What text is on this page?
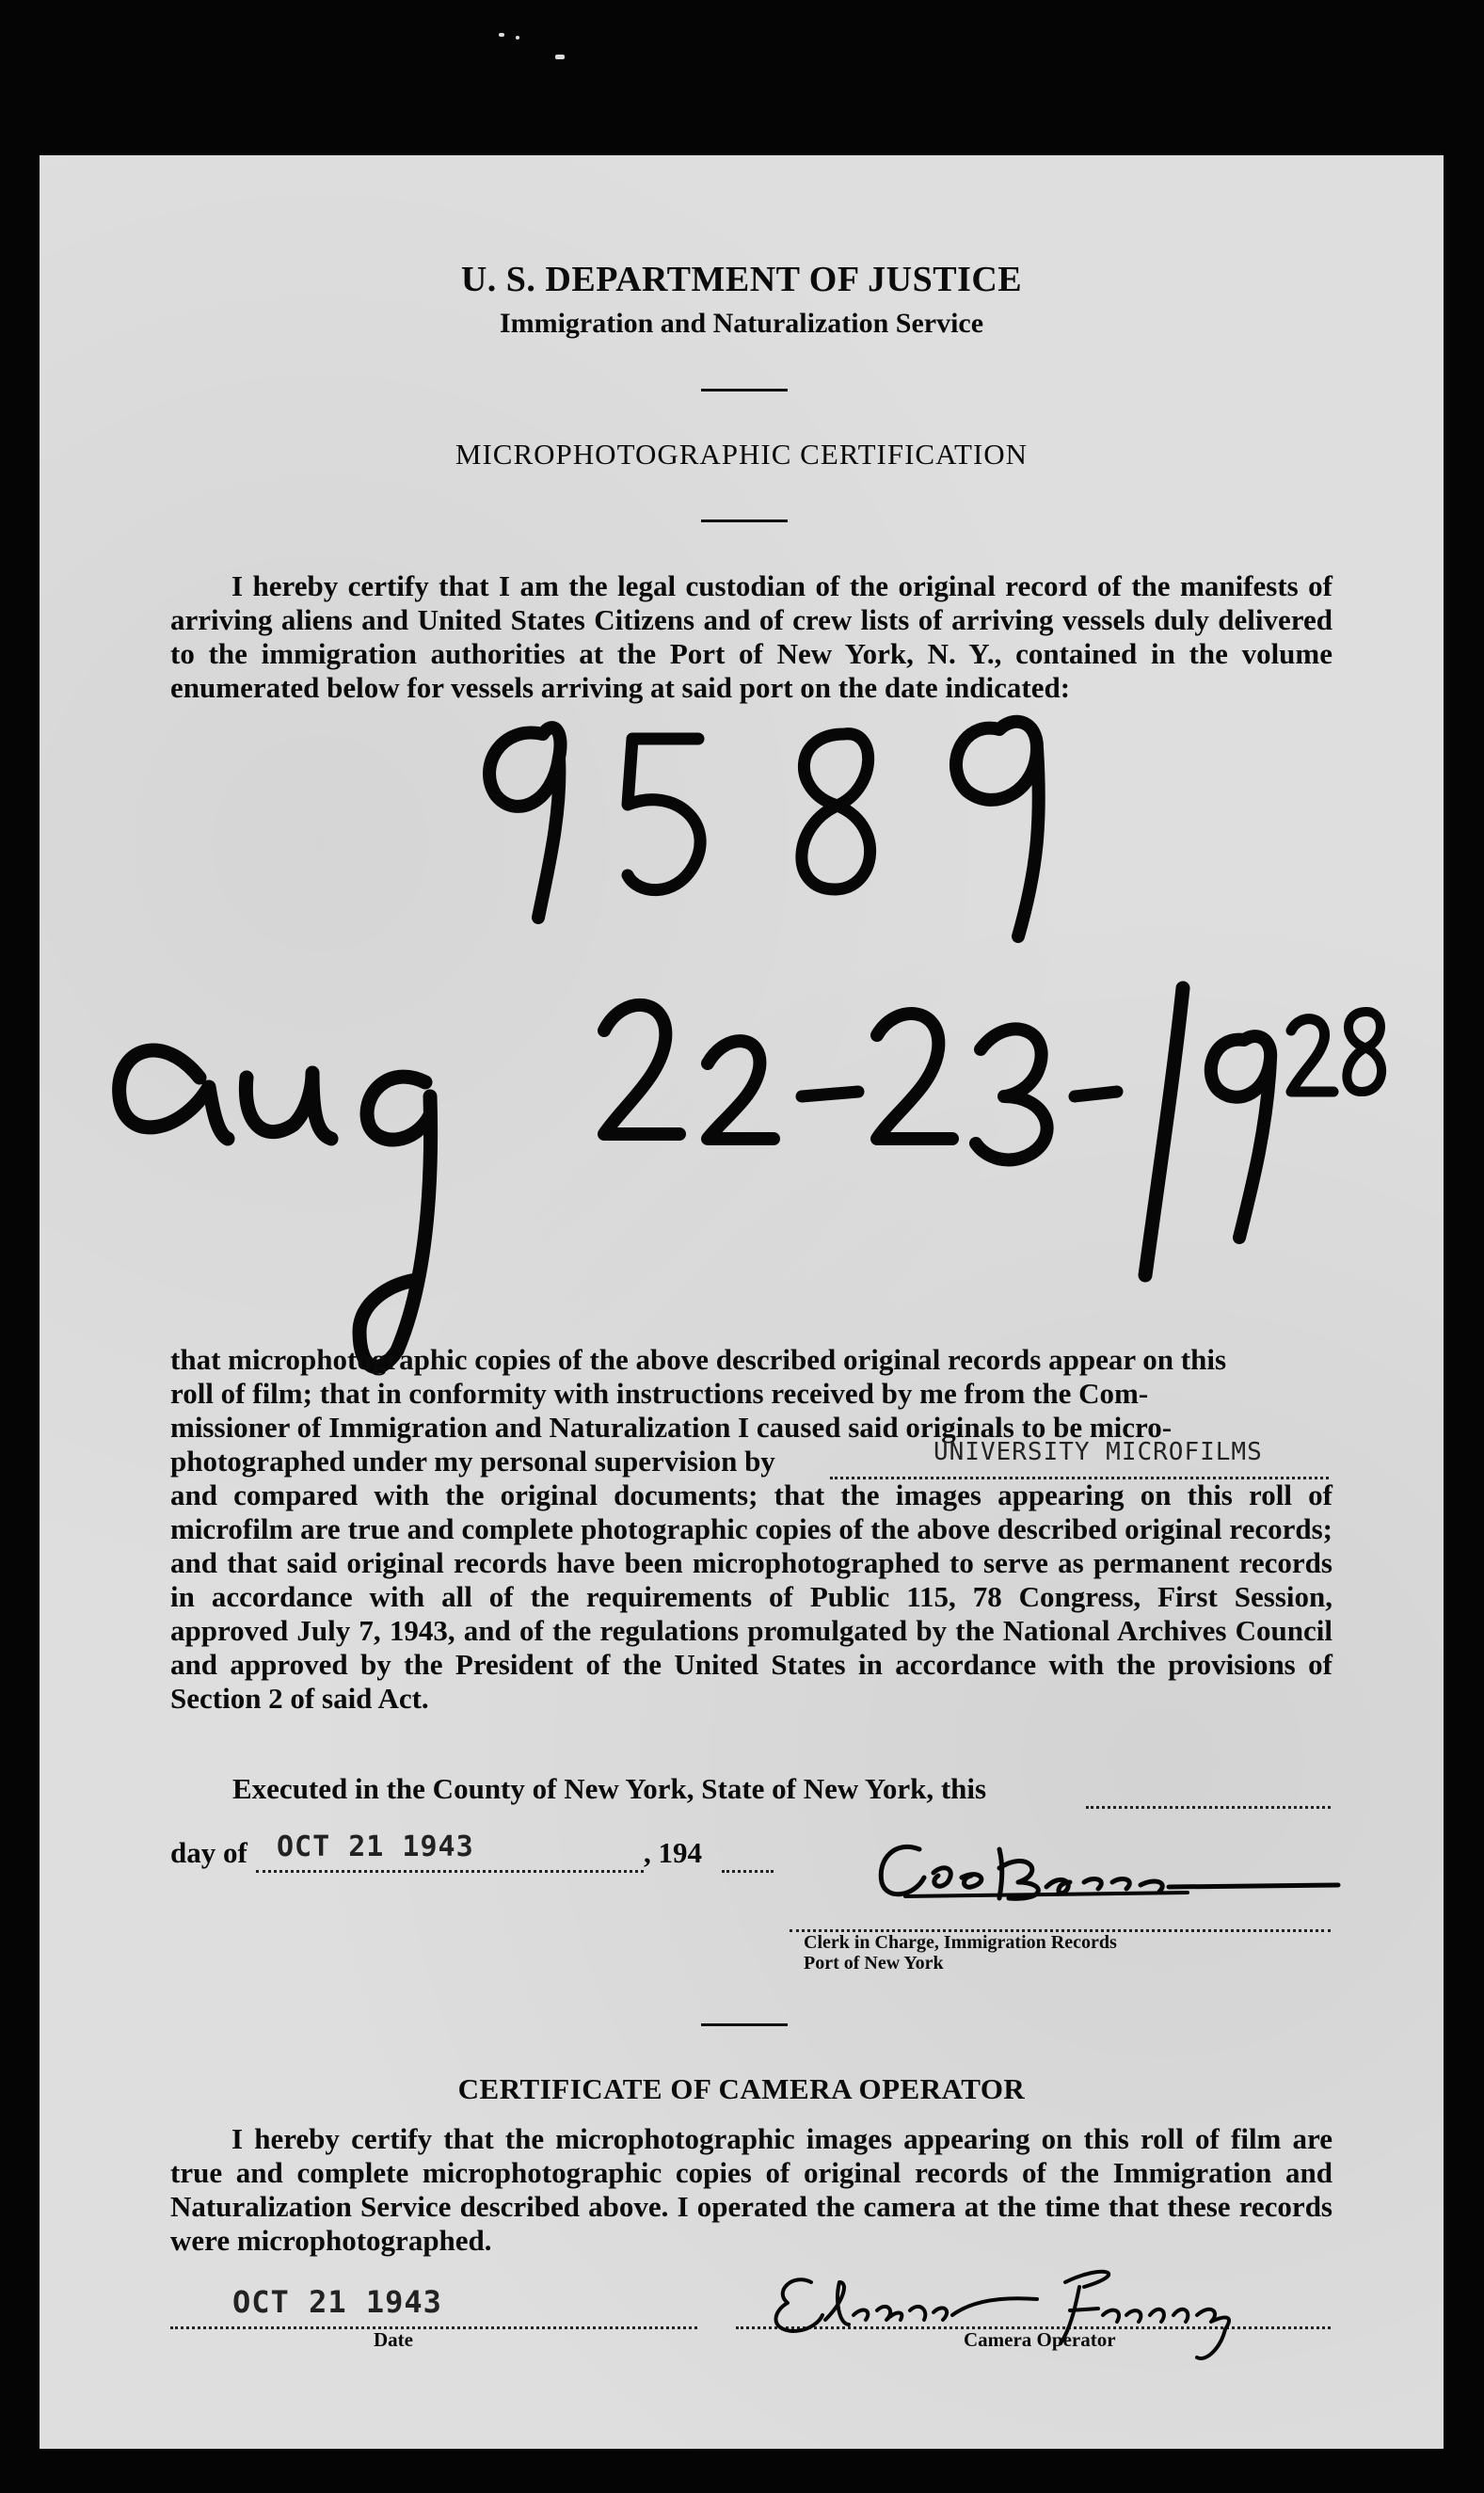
U. S. DEPARTMENT OF JUSTICE
Immigration and Naturalization Service
MICROPHOTOGRAPHIC CERTIFICATION
I hereby certify that I am the legal custodian of the original record of the manifests of arriving aliens and United States Citizens and of crew lists of arriving vessels duly delivered to the immigration authorities at the Port of New York, N. Y., contained in the volume enumerated below for vessels arriving at said port on the date indicated:
that microphotographic copies of the above described original records appear on this
roll of film; that in conformity with instructions received by me from the Com-
missioner of Immigration and Naturalization I caused said originals to be micro-
photographed under my personal supervision by	UNIVERSITY MICROFILMS
and compared with the original documents; that the images appearing on this roll of microfilm are true and complete photographic copies of the above described original records; and that said original records have been microphotographed to serve as permanent records in accordance with all of the requirements of Public 115, 78 Congress, First Session, approved July 7, 1943, and of the regulations promulgated by the National Archives Council and approved by the President of the United States in accordance with the provisions of Section 2 of said Act.
Executed in the County of New York, State of New York, this
day of OCT 21 1943	, 194
Clerk in Charge, Immigration Records
Port of New York
CERTIFICATE OF CAMERA OPERATOR
I hereby certify that the microphotographic images appearing on this roll of film are true and complete microphotographic copies of original records of the Immigration and Naturalization Service described above. I operated the camera at the time that these records were microphotographed.
OCT 21 1943
Date	Camera Operator
